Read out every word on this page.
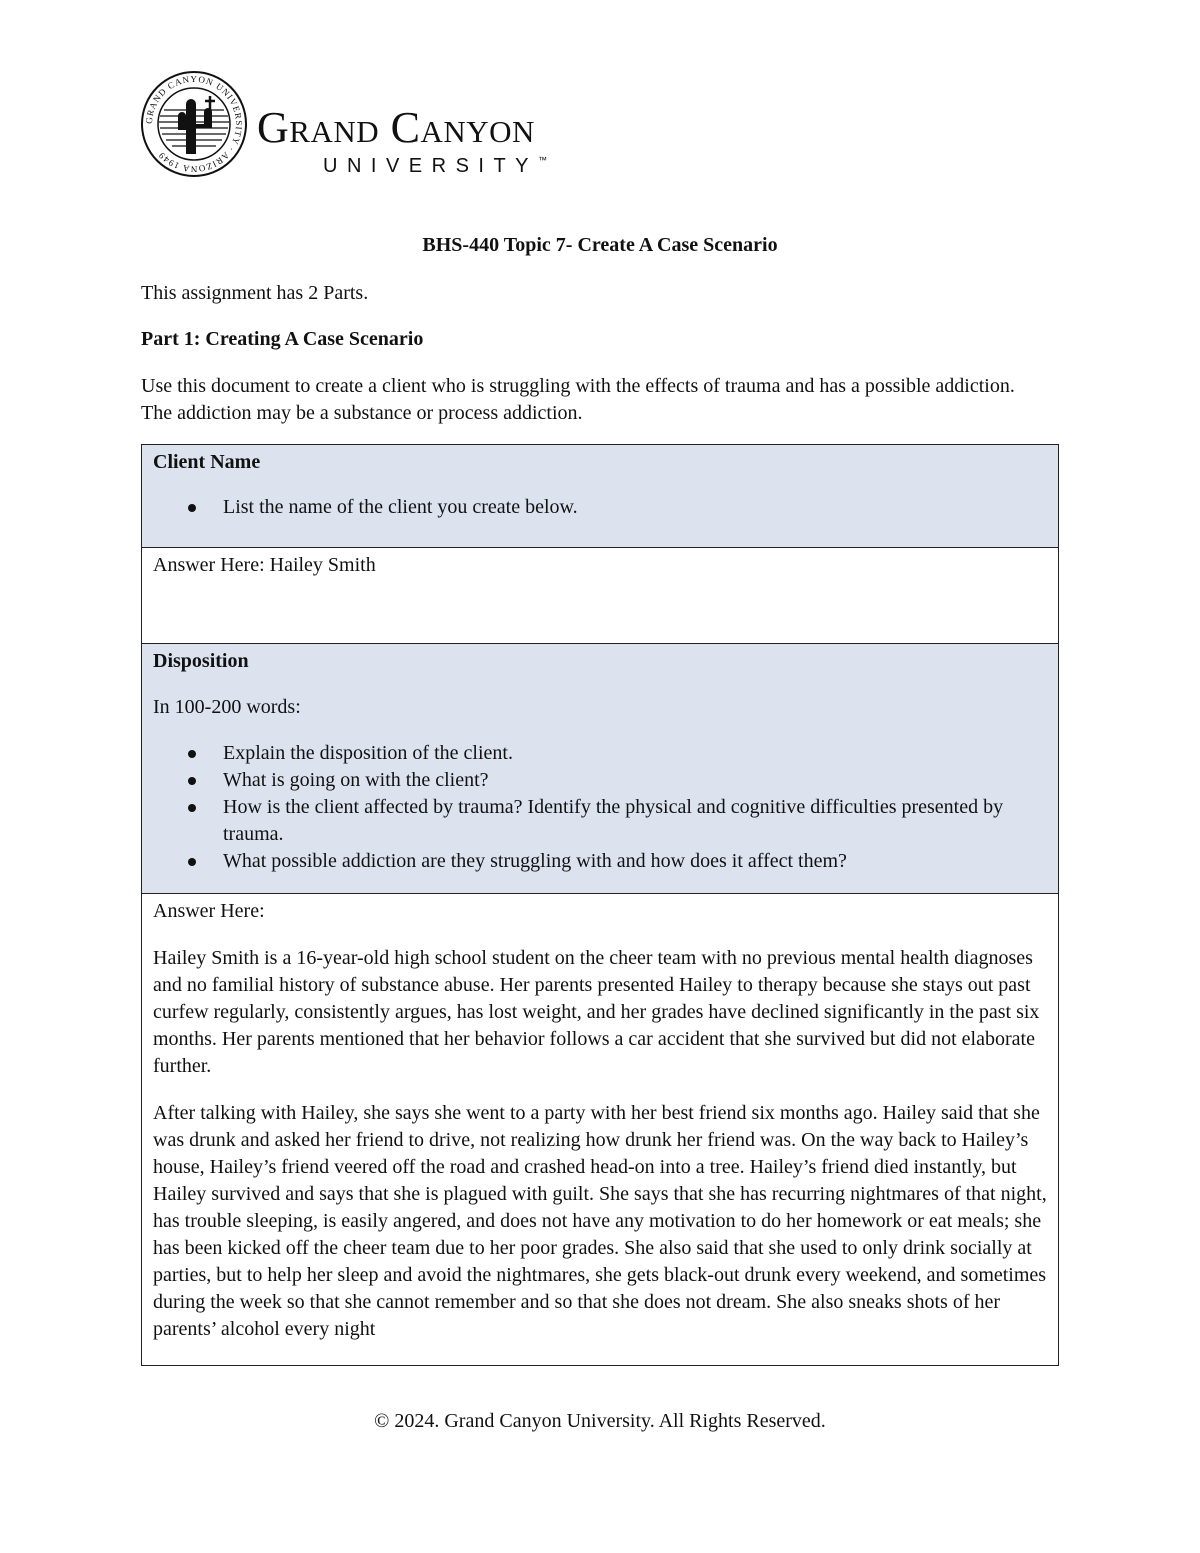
GRAND CANYON UNIVERSITY · ARIZONA 1949
Grand Canyon
UNIVERSITY™
BHS-440 Topic 7- Create A Case Scenario
This assignment has 2 Parts.
Part 1: Creating A Case Scenario
Use this document to create a client who is struggling with the effects of trauma and has a possible addiction. The addiction may be a substance or process addiction.
Client Name
List the name of the client you create below.
Answer Here: Hailey Smith
Disposition
In 100-200 words:
Explain the disposition of the client.
What is going on with the client?
How is the client affected by trauma? Identify the physical and cognitive difficulties presented by trauma.
What possible addiction are they struggling with and how does it affect them?
Answer Here:

Hailey Smith is a 16-year-old high school student on the cheer team with no previous mental health diagnoses and no familial history of substance abuse. Her parents presented Hailey to therapy because she stays out past curfew regularly, consistently argues, has lost weight, and her grades have declined significantly in the past six months. Her parents mentioned that her behavior follows a car accident that she survived but did not elaborate further.

After talking with Hailey, she says she went to a party with her best friend six months ago. Hailey said that she was drunk and asked her friend to drive, not realizing how drunk her friend was. On the way back to Hailey’s house, Hailey’s friend veered off the road and crashed head-on into a tree. Hailey’s friend died instantly, but Hailey survived and says that she is plagued with guilt. She says that she has recurring nightmares of that night, has trouble sleeping, is easily angered, and does not have any motivation to do her homework or eat meals; she has been kicked off the cheer team due to her poor grades. She also said that she used to only drink socially at parties, but to help her sleep and avoid the nightmares, she gets black-out drunk every weekend, and sometimes during the week so that she cannot remember and so that she does not dream. She also sneaks shots of her parents’ alcohol every night

© 2024. Grand Canyon University. All Rights Reserved.
